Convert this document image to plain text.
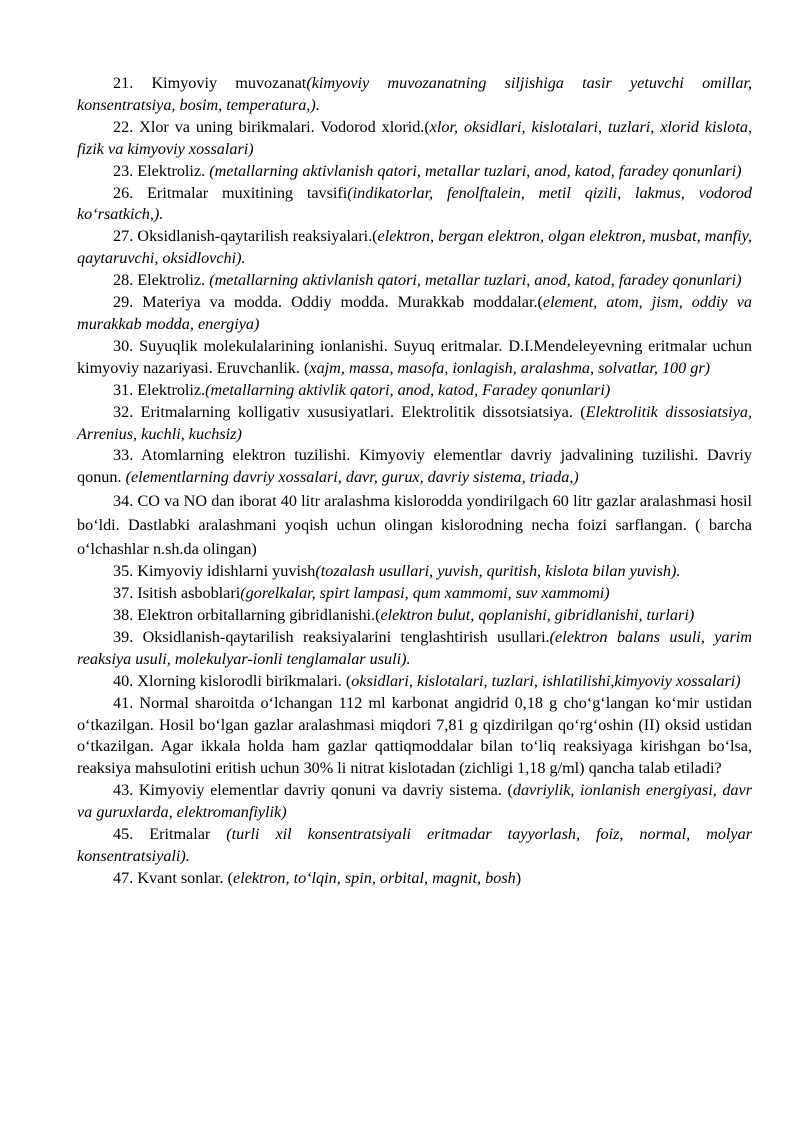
21. Kimyoviy muvozanat(kimyoviy muvozanatning siljishiga tasir yetuvchi omillar, konsentratsiya, bosim, temperatura,).

22. Xlor va uning birikmalari. Vodorod xlorid.(xlor, oksidlari, kislotalari, tuzlari, xlorid kislota, fizik va kimyoviy xossalari)

23. Elektroliz. (metallarning aktivlanish qatori, metallar tuzlari, anod, katod, faradey qonunlari)

26. Eritmalar muxitining tavsifi(indikatorlar, fenolftalein, metil qizili, lakmus, vodorod ko‘rsatkich,).

27. Oksidlanish-qaytarilish reaksiyalari.(elektron, bergan elektron, olgan elektron, musbat, manfiy, qaytaruvchi, oksidlovchi).

28. Elektroliz. (metallarning aktivlanish qatori, metallar tuzlari, anod, katod, faradey qonunlari)

29. Materiya va modda. Oddiy modda. Murakkab moddalar.(element, atom, jism, oddiy va murakkab modda, energiya)

30. Suyuqlik molekulalarining ionlanishi. Suyuq eritmalar. D.I.Mendeleyevning eritmalar uchun kimyoviy nazariyasi. Eruvchanlik. (xajm, massa, masofa, ionlagish, aralashma, solvatlar, 100 gr)

31. Elektroliz.(metallarning aktivlik qatori, anod, katod, Faradey qonunlari)

32. Eritmalarning kolligativ xususiyatlari. Elektrolitik dissotsiatsiya. (Elektrolitik dissosiatsiya, Arrenius, kuchli, kuchsiz)

33. Atomlarning elektron tuzilishi. Kimyoviy elementlar davriy jadvalining tuzilishi. Davriy qonun. (elementlarning davriy xossalari, davr, gurux, davriy sistema, triada,)

34. CO va NO dan iborat 40 litr aralashma kislorodda yondirilgach 60 litr gazlar aralashmasi hosil bo‘ldi. Dastlabki aralashmani yoqish uchun olingan kislorodning necha foizi sarflangan. ( barcha o‘lchashlar n.sh.da olingan)

35. Kimyoviy idishlarni yuvish(tozalash usullari, yuvish, quritish, kislota bilan yuvish).

37. Isitish asboblari(gorelkalar, spirt lampasi, qum xammomi, suv xammomi)

38. Elektron orbitallarning gibridlanishi.(elektron bulut, qoplanishi, gibridlanishi, turlari)

39. Oksidlanish-qaytarilish reaksiyalarini tenglashtirish usullari.(elektron balans usuli, yarim reaksiya usuli, molekulyar-ionli tenglamalar usuli).

40. Xlorning kislorodli birikmalari. (oksidlari, kislotalari, tuzlari, ishlatilishi,kimyoviy xossalari)

41. Normal sharoitda o‘lchangan 112 ml karbonat angidrid 0,18 g cho‘g‘langan ko‘mir ustidan o‘tkazilgan. Hosil bo‘lgan gazlar aralashmasi miqdori 7,81 g qizdirilgan qo‘rg‘oshin (II) oksid ustidan o‘tkazilgan. Agar ikkala holda ham gazlar qattiqmoddalar bilan to‘liq reaksiyaga kirishgan bo‘lsa, reaksiya mahsulotini eritish uchun 30% li nitrat kislotadan (zichligi 1,18 g/ml) qancha talab etiladi?

43. Kimyoviy elementlar davriy qonuni va davriy sistema. (davriylik, ionlanish energiyasi, davr va guruxlarda, elektromanfiylik)

45. Eritmalar (turli xil konsentratsiyali eritmadar tayyorlash, foiz, normal, molyar konsentratsiyali).

47. Kvant sonlar. (elektron, to‘lqin, spin, orbital, magnit, bosh)
